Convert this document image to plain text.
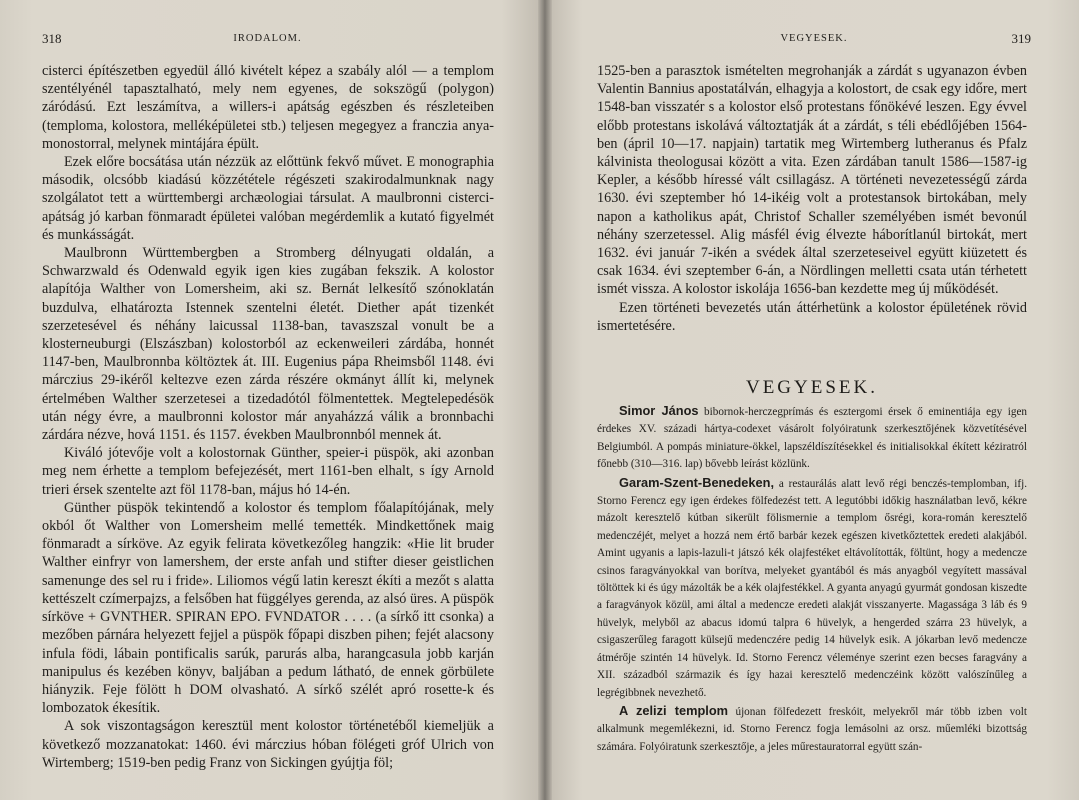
318	IRODALOM.

cisterci építészetben egyedül álló kivételt képez a szabály alól — a templom szentélyénél tapasztalható, mely nem egyenes, de sokszögű (polygon) záródású. Ezt leszámítva, a willers-i apátság egészben és részleteiben (temploma, kolostora, melléképületei stb.) teljesen megegyez a franczia anya-monostorral, melynek mintájára épült.

Ezek előre bocsátása után nézzük az előttünk fekvő művet. E monographia második, olcsóbb kiadású közzététele régészeti szakirodalmunknak nagy szolgálatot tett a württembergi archæologiai társulat. A maulbronni cisterci-apátság jó karban fönmaradt épületei valóban megérdemlik a kutató figyelmét és munkásságát.

Maulbronn Württembergben a Stromberg délnyugati oldalán, a Schwarzwald és Odenwald egyik igen kies zugában fekszik. A kolostor alapítója Walther von Lomersheim, aki sz. Bernát lelkesítő szónoklatán buzdulva, elhatározta Istennek szentelni életét. Diether apát tizenkét szerzetesével és néhány laicussal 1138-ban, tavaszszal vonult be a klosterneuburgi (Elszászban) kolostorból az eckenweileri zárdába, honnét 1147-ben, Maulbronnba költöztek át. III. Eugenius pápa Rheimsből 1148. évi márczius 29-ikéről keltezve ezen zárda részére okmányt állít ki, melynek értelmében Walther szerzetesei a tizedadótól fölmentettek. Megtelepedésök után négy évre, a maulbronni kolostor már anyaházzá válik a bronnbachi zárdára nézve, hová 1151. és 1157. években Maulbronnból mennek át.

Kiváló jótevője volt a kolostornak Günther, speier-i püspök, aki azonban meg nem érhette a templom befejezését, mert 1161-ben elhalt, s így Arnold trieri érsek szentelte azt föl 1178-ban, május hó 14-én.

Günther püspök tekintendő a kolostor és templom főalapítójának, mely okból őt Walther von Lomersheim mellé temették. Mindkettőnek maig fönmaradt a sírköve. Az egyik felirata következőleg hangzik: «Hie lit bruder Walther einfryr von lamershem, der erste anfah und stifter dieser geistlichen samenunge des sel ru i fride». Liliomos végű latin kereszt ékíti a mezőt s alatta kettészelt czímerpajzs, a felsőben hat függélyes gerenda, az alsó üres. A püspök sírköve + GVNTHER. SPIRAN EPO. FVNDATOR . . . . (a sírkő itt csonka) a mezőben párnára helyezett fejjel a püspök főpapi diszben pihen; fejét alacsony infula födi, lábain pontificalis sarúk, parurás alba, harangcasula jobb karján manipulus és kezében könyv, baljában a pedum látható, de ennek görbülete hiányzik. Feje fölött h DOM olvasható. A sírkő szélét apró rosette-k és lombozatok ékesítik.

A sok viszontagságon keresztül ment kolostor történetéből kiemeljük a következő mozzanatokat: 1460. évi márczius hóban fölégeti gróf Ulrich von Wirtemberg; 1519-ben pedig Franz von Sickingen gyújtja föl;

VEGYESEK.	319

1525-ben a parasztok ismételten megrohanják a zárdát s ugyanazon évben Valentin Bannius apostatálván, elhagyja a kolostort, de csak egy időre, mert 1548-ban visszatér s a kolostor első protestans főnökévé leszen. Egy évvel előbb protestans iskolává változtatják át a zárdát, s téli ebédlőjében 1564-ben (ápril 10—17. napjain) tartatik meg Wirtemberg lutheranus és Pfalz kálvinista theologusai között a vita. Ezen zárdában tanult 1586—1587-ig Kepler, a később híressé vált csillagász. A történeti nevezetességű zárda 1630. évi szeptember hó 14-ikéig volt a protestansok birtokában, mely napon a katholikus apát, Christof Schaller személyében ismét bevonúl néhány szerzetessel. Alig másfél évig élvezte háborítlanúl birtokát, mert 1632. évi január 7-ikén a svédek által szerzeteseivel együtt kiüzetett és csak 1634. évi szeptember 6-án, a Nördlingen melletti csata után térhetett ismét vissza. A kolostor iskolája 1656-ban kezdette meg új működését.

Ezen történeti bevezetés után áttérhetünk a kolostor épületének rövid ismertetésére.

VEGYESEK.

Simor János bibornok-herczegprímás és esztergomi érsek ő eminentiája egy igen érdekes XV. századi hártya-codexet vásárolt folyóiratunk szerkesztőjének közvetítésével Belgiumból. A pompás miniature-ökkel, lapszéldíszítésekkel és initialisokkal ékített kéziratról főnebb (310—316. lap) bővebb leírást közlünk.

Garam-Szent-Benedeken, a restaurálás alatt levő régi benczés-templomban, ifj. Storno Ferencz egy igen érdekes fölfedezést tett. A legutóbbi időkig használatban levő, kékre mázolt keresztelő kútban sikerült fölismernie a templom ősrégi, kora-román keresztelő medenczéjét, melyet a hozzá nem értő barbár kezek egészen kivetkőztettek eredeti alakjából. Amint ugyanis a lapis-lazuli-t játszó kék olajfestéket eltávolították, föltünt, hogy a medencze csinos faragványokkal van borítva, melyeket gyantából és más anyagból vegyített massával töltöttek ki és úgy mázolták be a kék olajfestékkel. A gyanta anyagú gyurmát gondosan kiszedte a faragványok közül, ami által a medencze eredeti alakját visszanyerte. Magassága 3 láb és 9 hüvelyk, melyből az abacus idomú talpra 6 hüvelyk, a hengerded szárra 23 hüvelyk, a csigaszerűleg faragott külsejű medenczére pedig 14 hüvelyk esik. A jókarban levő medencze átmérője szintén 14 hüvelyk. Id. Storno Ferencz véleménye szerint ezen becses faragvány a XII. századból származik és így hazai keresztelő medenczéink között valószínűleg a legrégibbnek nevezhető.

A zelizi templom újonan fölfedezett freskóit, melyekről már több izben volt alkalmunk megemlékezni, id. Storno Ferencz fogja lemásolni az orsz. műemléki bizottság számára. Folyóiratunk szerkesztője, a jeles műrestauratorral együtt szán-
